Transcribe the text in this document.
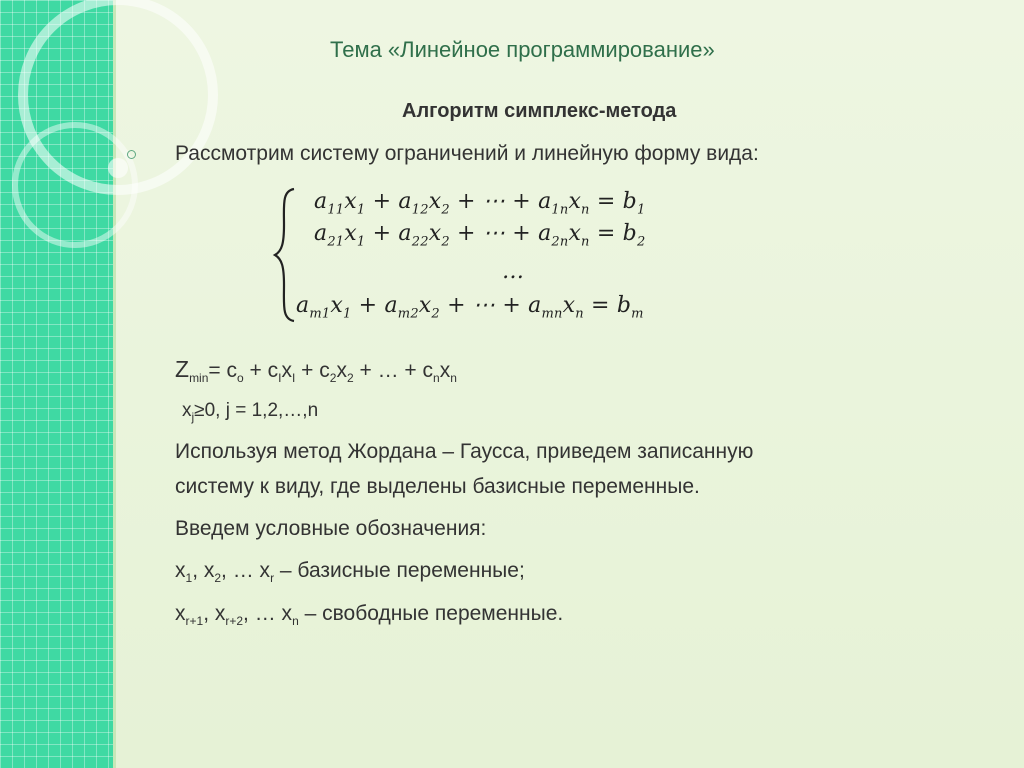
Тема «Линейное программирование»
Алгоритм симплекс-метода
Рассмотрим систему ограничений и линейную форму вида:
$a_{11}x_1 + a_{12}x_2$ + ⋯ + $a_{1n}x_n = b_1$
$a_{21}x_1 + a_{22}x_2$ + ⋯ + $a_{2n}x_n = b_2$
…
$a_{m1}x_1 + a_{m2}x_2$ + ⋯ + $a_{mn}x_n = b_m$
$Z_{min}= c_o + c_Ix_I + c_2x_2$ + … + $c_nx_n$
$x_j\ge 0$, j = 1,2,…,n
Используя метод Жордана – Гаусса, приведем записанную
систему к виду, где выделены базисные переменные.
Введем условные обозначения:
$x_1$, $x_2$, … $x_r$ – базисные переменные;
$x_{r+1}$, $x_{r+2}$, … $x_n$ – свободные переменные.
